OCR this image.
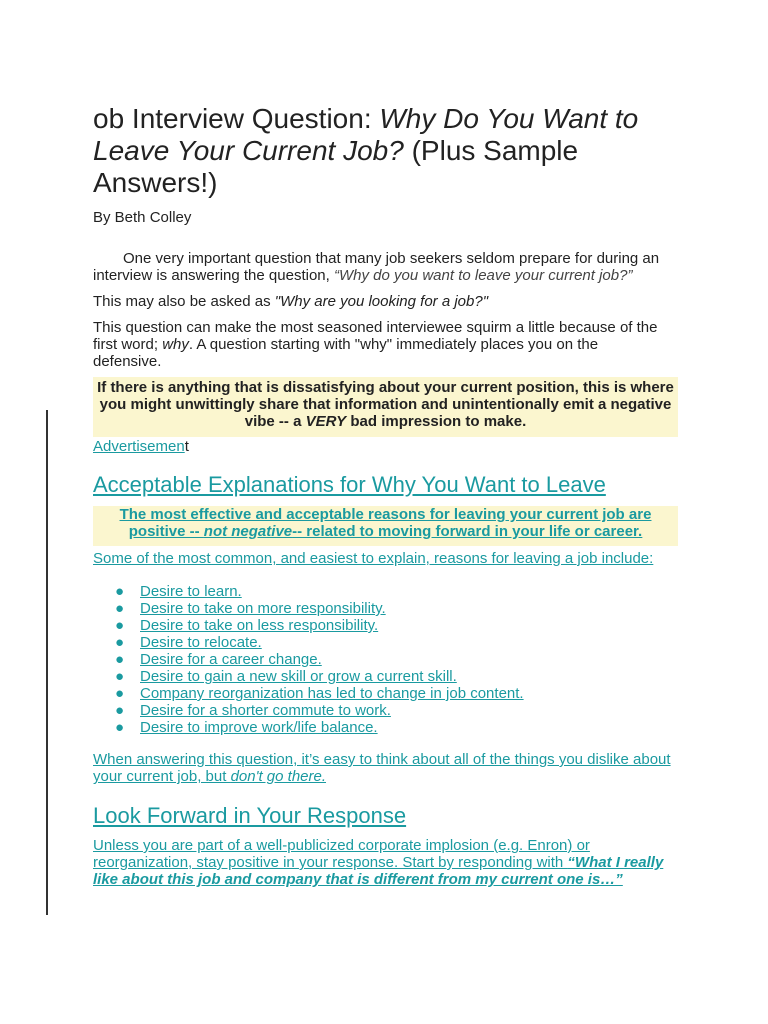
ob Interview Question: Why Do You Want to Leave Your Current Job? (Plus Sample Answers!)
By Beth Colley
One very important question that many job seekers seldom prepare for during an interview is answering the question, “Why do you want to leave your current job?”
This may also be asked as "Why are you looking for a job?"
This question can make the most seasoned interviewee squirm a little because of the first word; why. A question starting with "why" immediately places you on the defensive.
If there is anything that is dissatisfying about your current position, this is where you might unwittingly share that information and unintentionally emit a negative vibe -- a VERY bad impression to make.
Advertisement
Acceptable Explanations for Why You Want to Leave
The most effective and acceptable reasons for leaving your current job are positive -- not negative-- related to moving forward in your life or career.
Some of the most common, and easiest to explain, reasons for leaving a job include:
● Desire to learn.
● Desire to take on more responsibility.
● Desire to take on less responsibility.
● Desire to relocate.
● Desire for a career change.
● Desire to gain a new skill or grow a current skill.
● Company reorganization has led to change in job content.
● Desire for a shorter commute to work.
● Desire to improve work/life balance.
When answering this question, it’s easy to think about all of the things you dislike about your current job, but don't go there.
Look Forward in Your Response
Unless you are part of a well-publicized corporate implosion (e.g. Enron) or reorganization, stay positive in your response. Start by responding with “What I really like about this job and company that is different from my current one is…”
